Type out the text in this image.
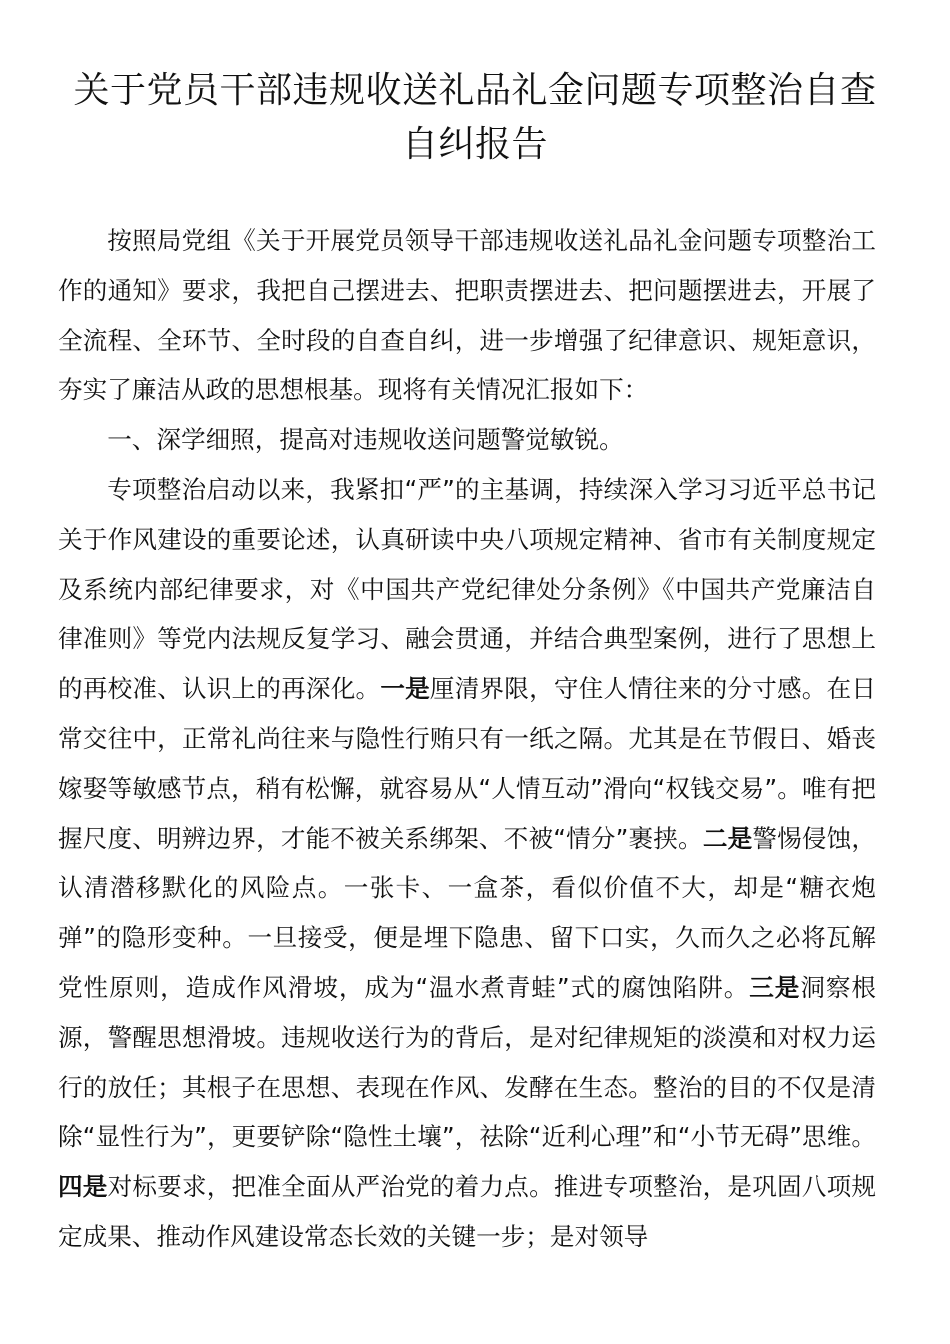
关于党员干部违规收送礼品礼金问题专项整治自查自纠报告

按照局党组《关于开展党员领导干部违规收送礼品礼金问题专项整治工作的通知》要求，我把自己摆进去、把职责摆进去、把问题摆进去，开展了全流程、全环节、全时段的自查自纠，进一步增强了纪律意识、规矩意识，夯实了廉洁从政的思想根基。现将有关情况汇报如下：

一、深学细照，提高对违规收送问题警觉敏锐。

专项整治启动以来，我紧扣“严”的主基调，持续深入学习习近平总书记关于作风建设的重要论述，认真研读中央八项规定精神、省市有关制度规定及系统内部纪律要求，对《中国共产党纪律处分条例》《中国共产党廉洁自律准则》等党内法规反复学习、融会贯通，并结合典型案例，进行了思想上的再校准、认识上的再深化。一是厘清界限，守住人情往来的分寸感。在日常交往中，正常礼尚往来与隐性行贿只有一纸之隔。尤其是在节假日、婚丧嫁娶等敏感节点，稍有松懈，就容易从“人情互动”滑向“权钱交易”。唯有把握尺度、明辨边界，才能不被关系绑架、不被“情分”裹挟。二是警惕侵蚀，认清潜移默化的风险点。一张卡、一盒茶，看似价值不大，却是“糖衣炮弹”的隐形变种。一旦接受，便是埋下隐患、留下口实，久而久之必将瓦解党性原则，造成作风滑坡，成为“温水煮青蛙”式的腐蚀陷阱。三是洞察根源，警醒思想滑坡。违规收送行为的背后，是对纪律规矩的淡漠和对权力运行的放任；其根子在思想、表现在作风、发酵在生态。整治的目的不仅是清除“显性行为”，更要铲除“隐性土壤”，祛除“近利心理”和“小节无碍”思维。四是对标要求，把准全面从严治党的着力点。推进专项整治，是巩固八项规定成果、推动作风建设常态长效的关键一步；是对领导
